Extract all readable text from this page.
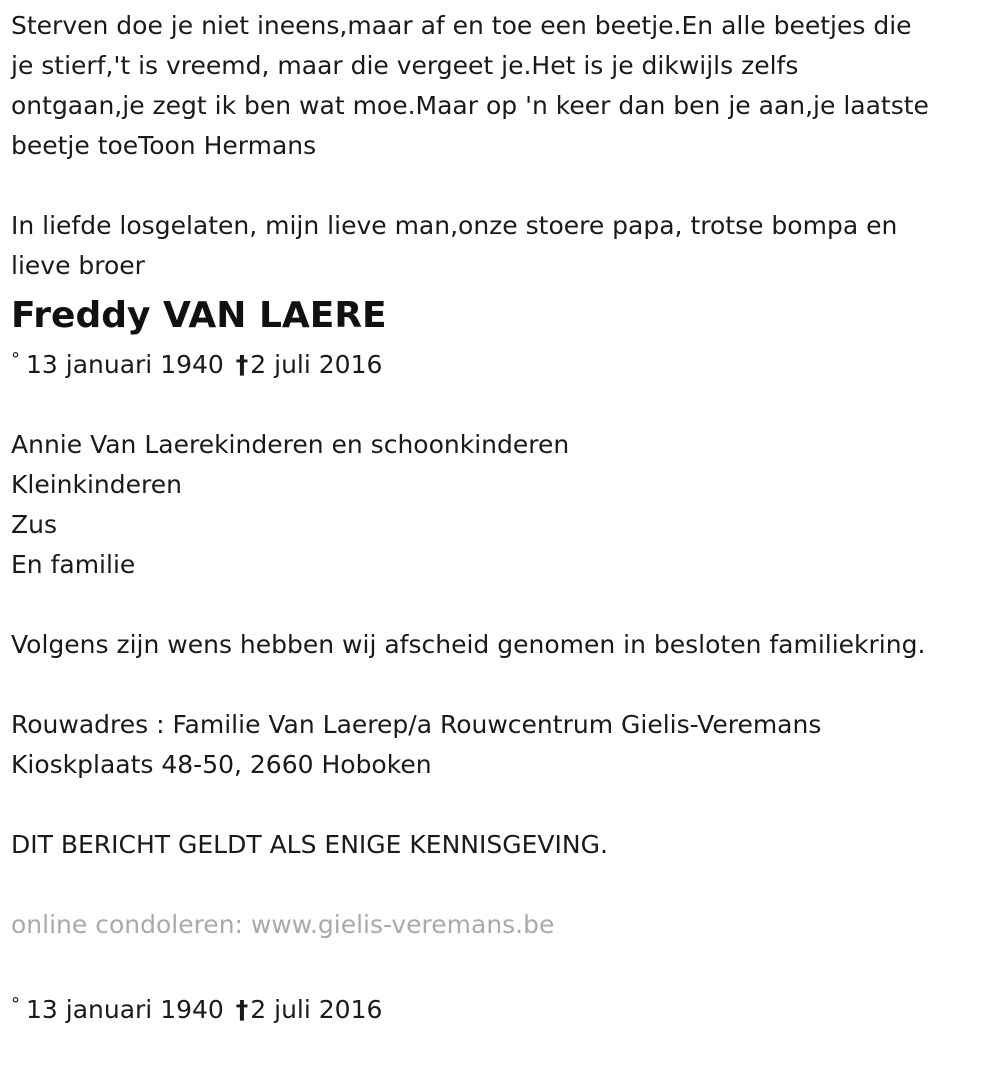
Sterven doe je niet ineens,maar af en toe een beetje.En alle beetjes die
je stierf,'t is vreemd, maar die vergeet je.Het is je dikwijls zelfs
ontgaan,je zegt ik ben wat moe.Maar op 'n keer dan ben je aan,je laatste
beetje toeToon Hermans

In liefde losgelaten, mijn lieve man,onze stoere papa, trotse bompa en
lieve broer

Freddy VAN LAERE

° 13 januari 1940 †2 juli 2016

Annie Van Laerekinderen en schoonkinderen
Kleinkinderen
Zus
En familie

Volgens zijn wens hebben wij afscheid genomen in besloten familiekring.

Rouwadres : Familie Van Laerep/a Rouwcentrum Gielis-Veremans
Kioskplaats 48-50, 2660 Hoboken

DIT BERICHT GELDT ALS ENIGE KENNISGEVING.

online condoleren: www.gielis-veremans.be

° 13 januari 1940 †2 juli 2016
